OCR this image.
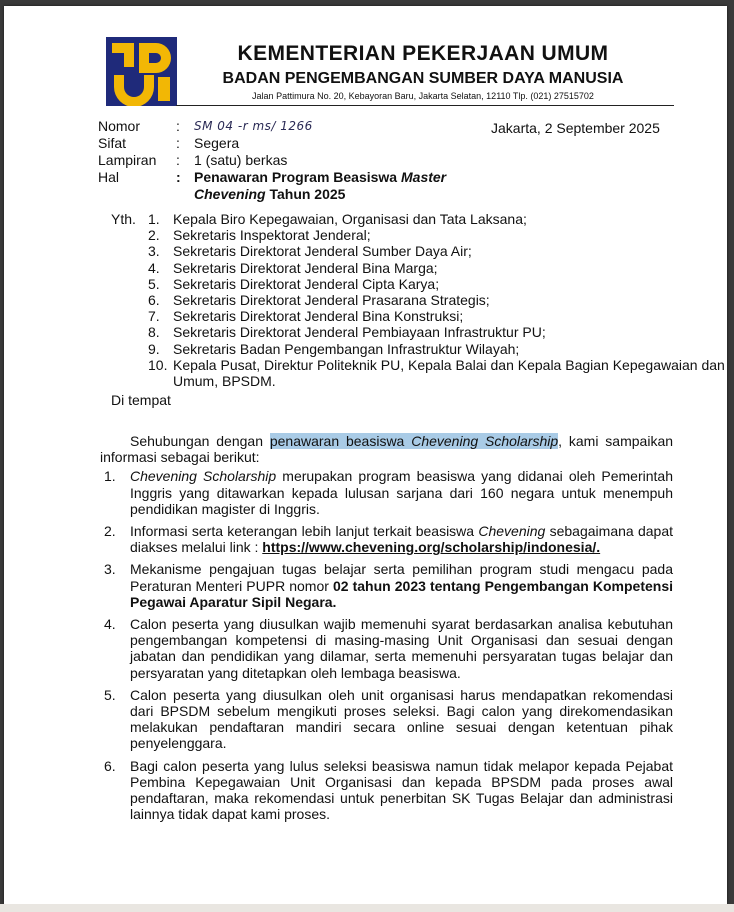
KEMENTERIAN PEKERJAAN UMUM
BADAN PENGEMBANGAN SUMBER DAYA MANUSIA
Jalan Pattimura No. 20, Kebayoran Baru, Jakarta Selatan, 12110 Tlp. (021) 27515702
Nomor	: SM 04 -r ms/ 1266
Sifat	: Segera
Lampiran	: 1 (satu) berkas
Hal	: Penawaran Program Beasiswa Master
Chevening Tahun 2025
Jakarta, 2 September 2025
Yth. 1. Kepala Biro Kepegawaian, Organisasi dan Tata Laksana;
2. Sekretaris Inspektorat Jenderal;
3. Sekretaris Direktorat Jenderal Sumber Daya Air;
4. Sekretaris Direktorat Jenderal Bina Marga;
5. Sekretaris Direktorat Jenderal Cipta Karya;
6. Sekretaris Direktorat Jenderal Prasarana Strategis;
7. Sekretaris Direktorat Jenderal Bina Konstruksi;
8. Sekretaris Direktorat Jenderal Pembiayaan Infrastruktur PU;
9. Sekretaris Badan Pengembangan Infrastruktur Wilayah;
10. Kepala Pusat, Direktur Politeknik PU, Kepala Balai dan Kepala Bagian Kepegawaian dan Umum, BPSDM.
Di tempat

Sehubungan dengan penawaran beasiswa Chevening Scholarship, kami sampaikan informasi sebagai berikut:

1. Chevening Scholarship merupakan program beasiswa yang didanai oleh Pemerintah Inggris yang ditawarkan kepada lulusan sarjana dari 160 negara untuk menempuh pendidikan magister di Inggris.
2. Informasi serta keterangan lebih lanjut terkait beasiswa Chevening sebagaimana dapat diakses melalui link : https://www.chevening.org/scholarship/indonesia/.
3. Mekanisme pengajuan tugas belajar serta pemilihan program studi mengacu pada Peraturan Menteri PUPR nomor 02 tahun 2023 tentang Pengembangan Kompetensi Pegawai Aparatur Sipil Negara.
4. Calon peserta yang diusulkan wajib memenuhi syarat berdasarkan analisa kebutuhan pengembangan kompetensi di masing-masing Unit Organisasi dan sesuai dengan jabatan dan pendidikan yang dilamar, serta memenuhi persyaratan tugas belajar dan persyaratan yang ditetapkan oleh lembaga beasiswa.
5. Calon peserta yang diusulkan oleh unit organisasi harus mendapatkan rekomendasi dari BPSDM sebelum mengikuti proses seleksi. Bagi calon yang direkomendasikan melakukan pendaftaran mandiri secara online sesuai dengan ketentuan pihak penyelenggara.
6. Bagi calon peserta yang lulus seleksi beasiswa namun tidak melapor kepada Pejabat Pembina Kepegawaian Unit Organisasi dan kepada BPSDM pada proses awal pendaftaran, maka rekomendasi untuk penerbitan SK Tugas Belajar dan administrasi lainnya tidak dapat kami proses.
